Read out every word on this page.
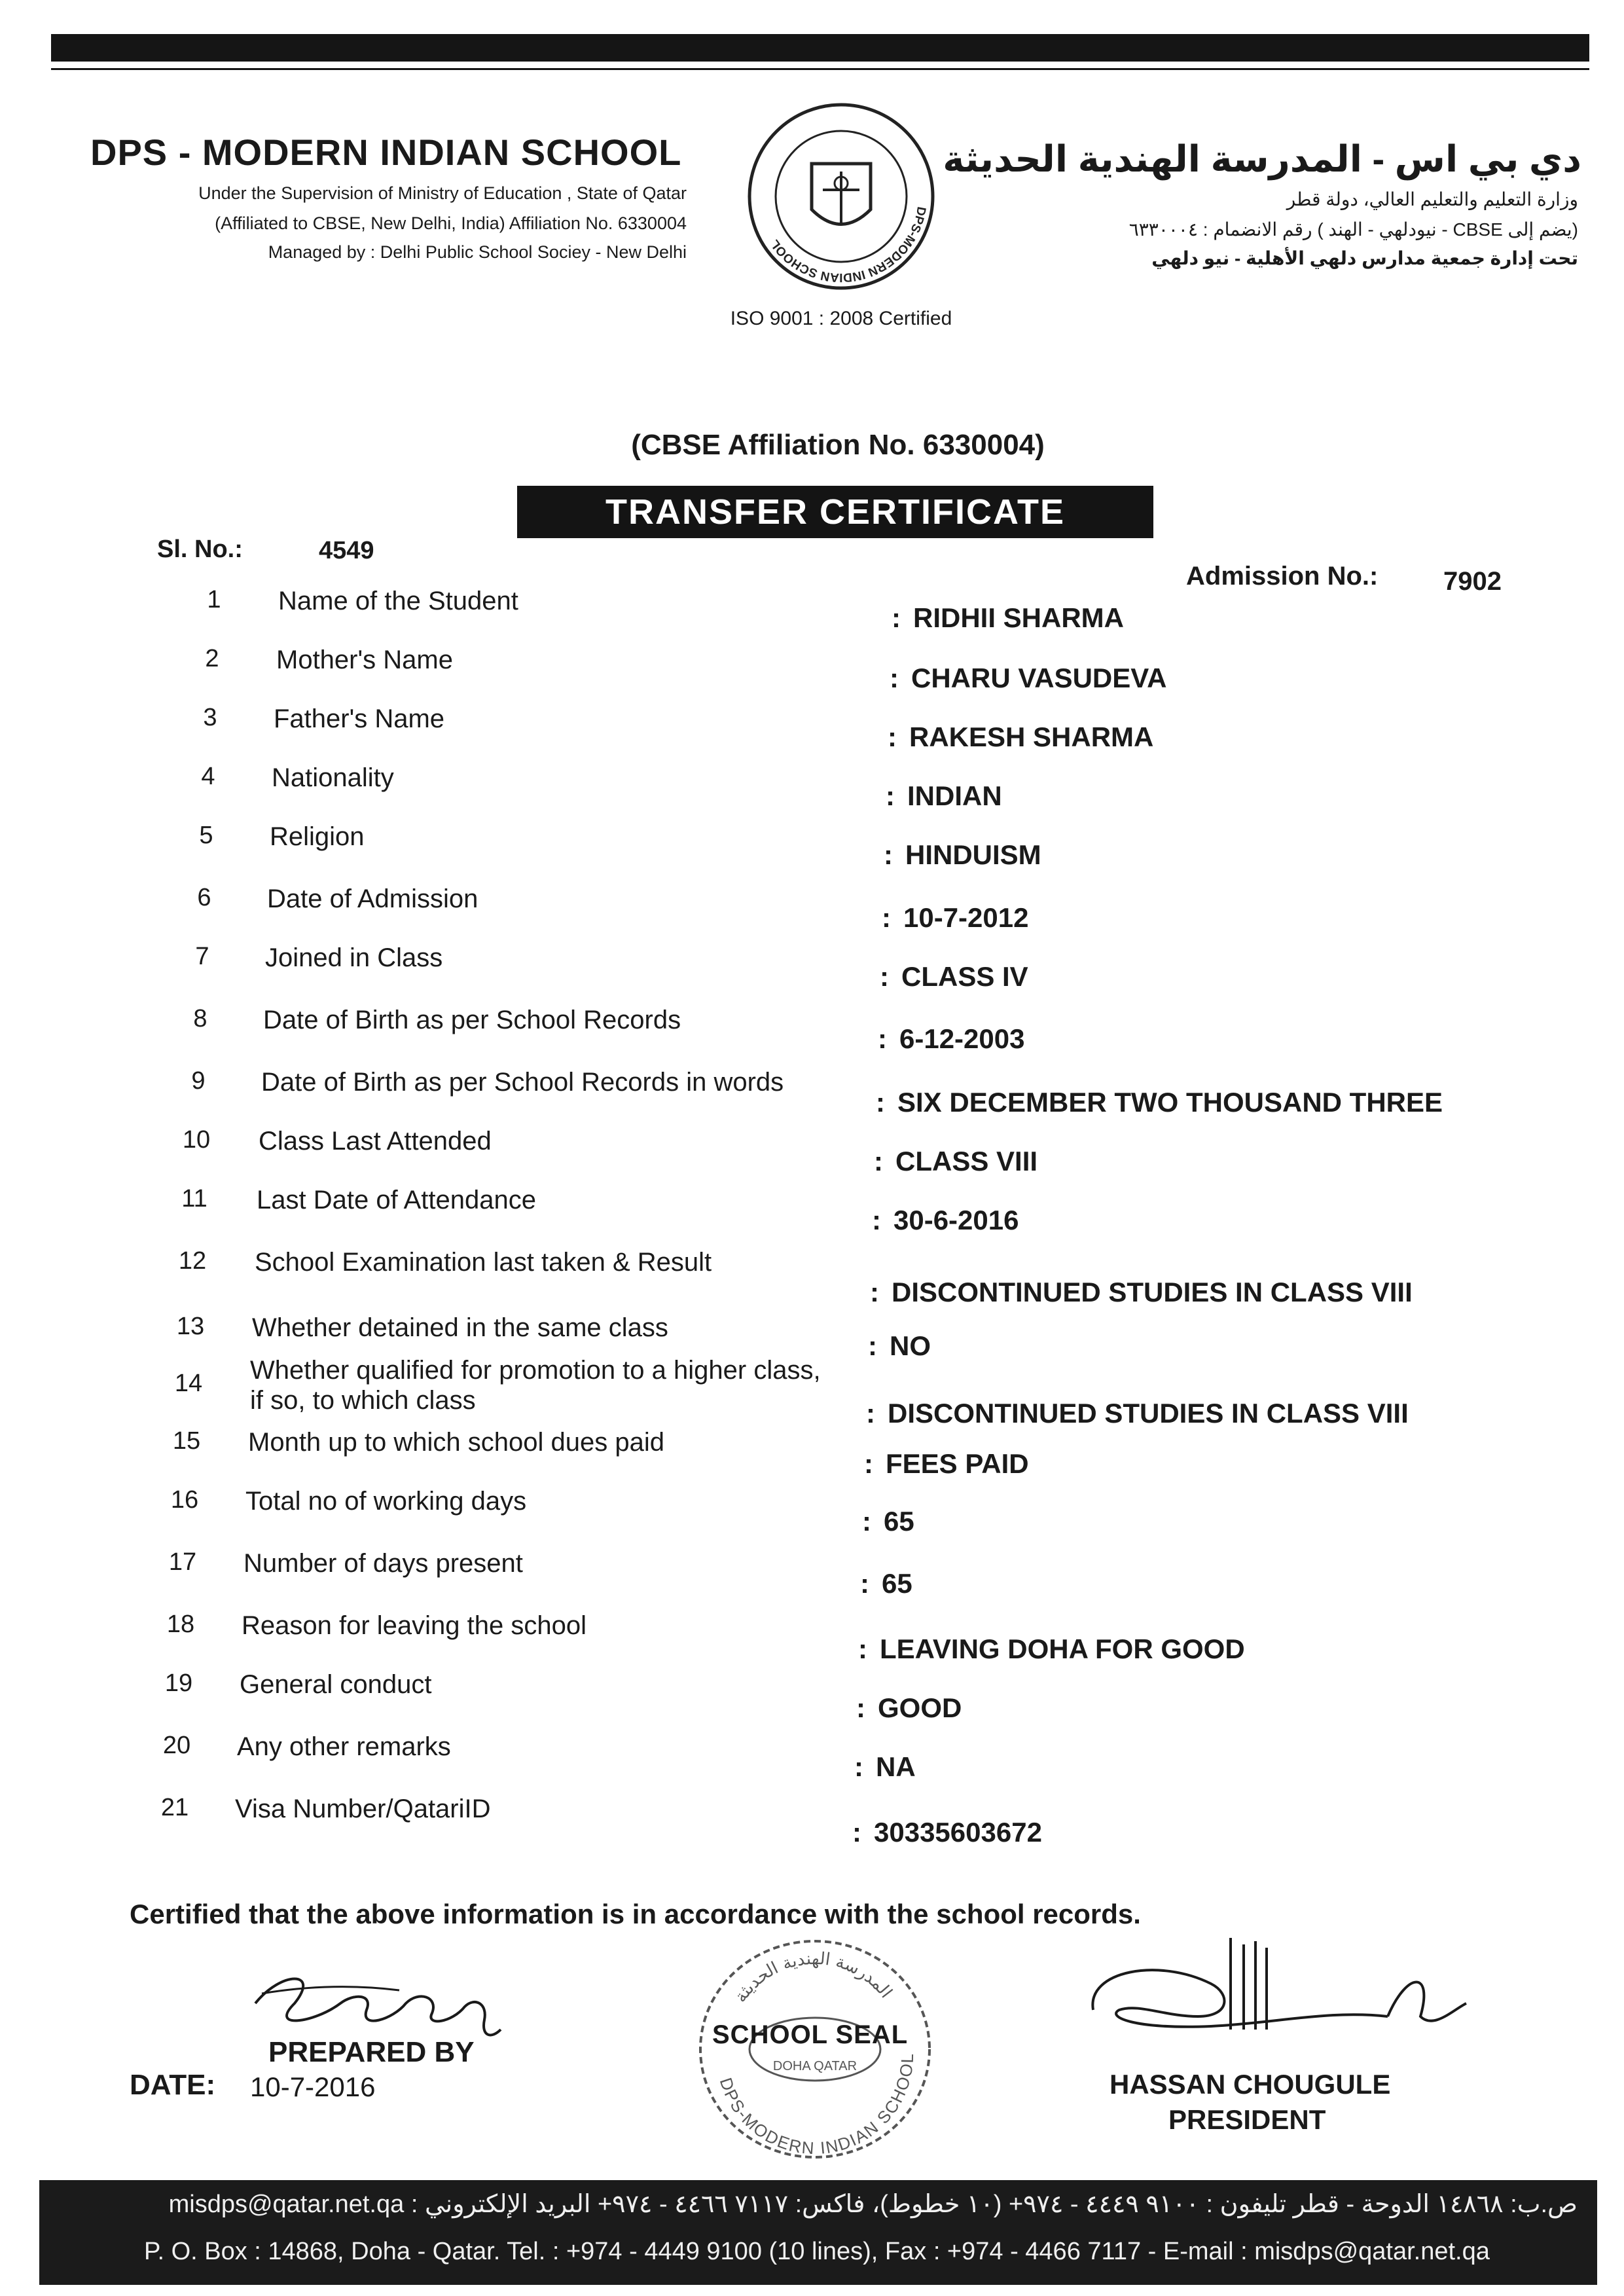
DPS - MODERN INDIAN SCHOOL
Under the Supervision of Ministry of Education , State of Qatar
(Affiliated to CBSE, New Delhi, India) Affiliation No. 6330004
Managed by : Delhi Public School Sociey - New Delhi
DPS-MODERN INDIAN SCHOOL
ISO 9001 : 2008 Certified
دي بي اس - المدرسة الهندية الحديثة
وزارة التعليم والتعليم العالي، دولة قطر
(يضم إلى CBSE - نيودلهي - الهند ) رقم الانضمام : ٦٣٣٠٠٠٤
تحت إدارة جمعية مدارس دلهي الأهلية - نيو دلهي
(CBSE Affiliation No. 6330004)
TRANSFER CERTIFICATE
Sl. No.:	4549
Admission No.: 7902
1	Name of the Student
: RIDHII SHARMA
2	Mother's Name
: CHARU VASUDEVA
3	Father's Name
: RAKESH SHARMA
4	Nationality
: INDIAN
5	Religion
: HINDUISM
6	Date of Admission
: 10-7-2012
7	Joined in Class
: CLASS IV
8	Date of Birth as per School Records
: 6-12-2003
9	Date of Birth as per School Records in words
: SIX DECEMBER TWO THOUSAND THREE
10	Class Last Attended
: CLASS VIII
11	Last Date of Attendance
: 30-6-2016
12	School Examination last taken & Result
: DISCONTINUED STUDIES IN CLASS VIII
13	Whether detained in the same class
: NO
14	Whether qualified for promotion to a higher class,
if so, to which class	: DISCONTINUED STUDIES IN CLASS VIII
15	Month up to which school dues paid
: FEES PAID
16	Total no of working days
: 65
17	Number of days present
: 65
18	Reason for leaving the school
: LEAVING DOHA FOR GOOD
19	General conduct
: GOOD
20	Any other remarks
: NA
21	Visa Number/QatariID
: 30335603672
Certified that the above information is in accordance with the school records.
PREPARED BY
DATE: 10-7-2016	DPS-MODERN INDIAN SCHOOL
المدرسة الهندية الحديثة
DOHA QATAR
SCHOOL SEAL
HASSAN CHOUGULE
PRESIDENT
ص.ب: ١٤٨٦٨ الدوحة - قطر تليفون : ٩١٠٠ ٤٤٤٩ - ٩٧٤+ (١٠ خطوط)، فاكس: ٧١١٧ ٤٤٦٦ - ٩٧٤+ البريد الإلكتروني : misdps@qatar.net.qa
P. O. Box : 14868, Doha - Qatar. Tel. : +974 - 4449 9100 (10 lines), Fax : +974 - 4466 7117 - E-mail : misdps@qatar.net.qa
